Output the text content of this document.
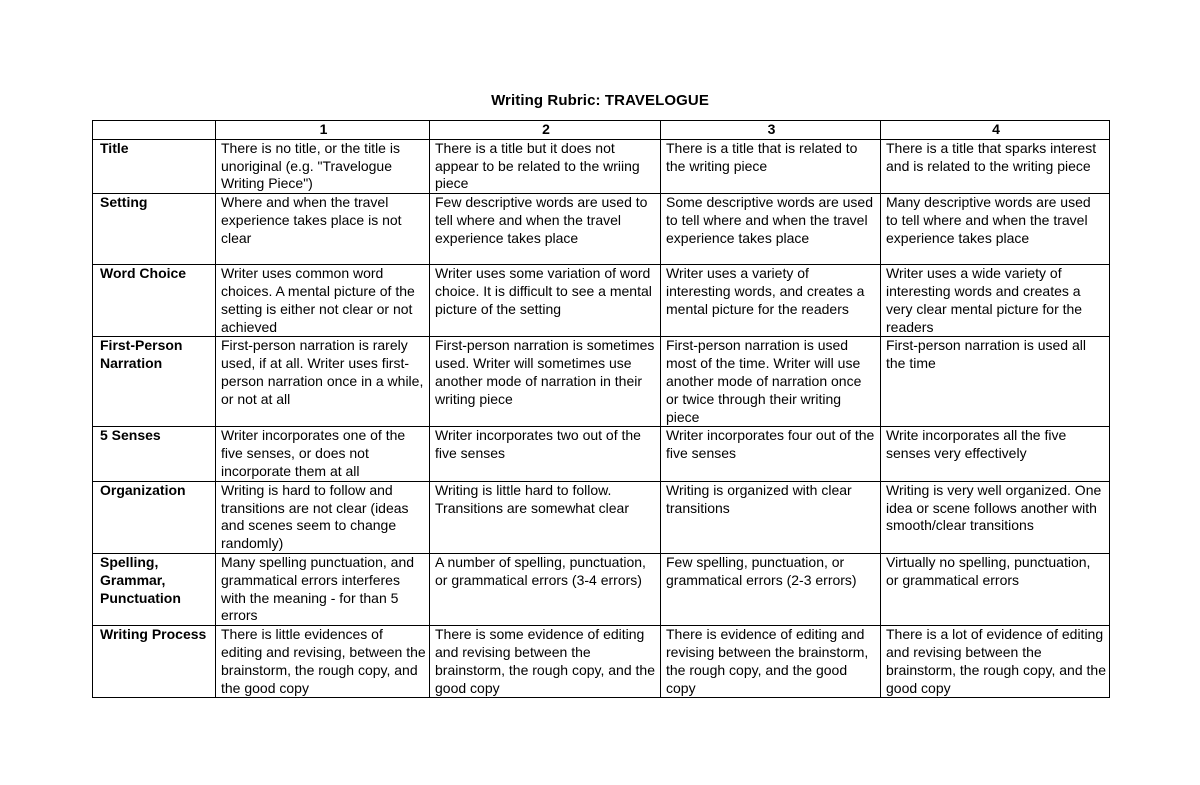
Writing Rubric: TRAVELOGUE
	1	2	3	4
Title	There is no title, or the title is unoriginal (e.g. "Travelogue Writing Piece")	There is a title but it does not appear to be related to the wriing piece	There is a title that is related to the writing piece	There is a title that sparks interest and is related to the writing piece
Setting	Where and when the travel experience takes place is not clear	Few descriptive words are used to tell where and when the travel experience takes place	Some descriptive words are used to tell where and when the travel experience takes place	Many descriptive words are used to tell where and when the travel experience takes place
Word Choice	Writer uses common word choices. A mental picture of the setting is either not clear or not achieved	Writer uses some variation of word choice. It is difficult to see a mental picture of the setting	Writer uses a variety of interesting words, and creates a mental picture for the readers	Writer uses a wide variety of interesting words and creates a very clear mental picture for the readers
First-Person Narration	First-person narration is rarely used, if at all. Writer uses first-person narration once in a while, or not at all	First-person narration is sometimes used. Writer will sometimes use another mode of narration in their writing piece	First-person narration is used most of the time. Writer will use another mode of narration once or twice through their writing piece	First-person narration is used all the time
5 Senses	Writer incorporates one of the five senses, or does not incorporate them at all	Writer incorporates two out of the five senses	Writer incorporates four out of the five senses	Write incorporates all the five senses very effectively
Organization	Writing is hard to follow and transitions are not clear (ideas and scenes seem to change randomly)	Writing is little hard to follow. Transitions are somewhat clear	Writing is organized with clear transitions	Writing is very well organized. One idea or scene follows another with smooth/clear transitions
Spelling, Grammar, Punctuation	Many spelling punctuation, and grammatical errors interferes with the meaning - for than 5 errors	A number of spelling, punctuation, or grammatical errors (3-4 errors)	Few spelling, punctuation, or grammatical errors (2-3 errors)	Virtually no spelling, punctuation, or grammatical errors
Writing Process	There is little evidences of editing and revising, between the brainstorm, the rough copy, and the good copy	There is some evidence of editing and revising between the brainstorm, the rough copy, and the good copy	There is evidence of editing and revising between the brainstorm, the rough copy, and the good copy	There is a lot of evidence of editing and revising between the brainstorm, the rough copy, and the good copy
